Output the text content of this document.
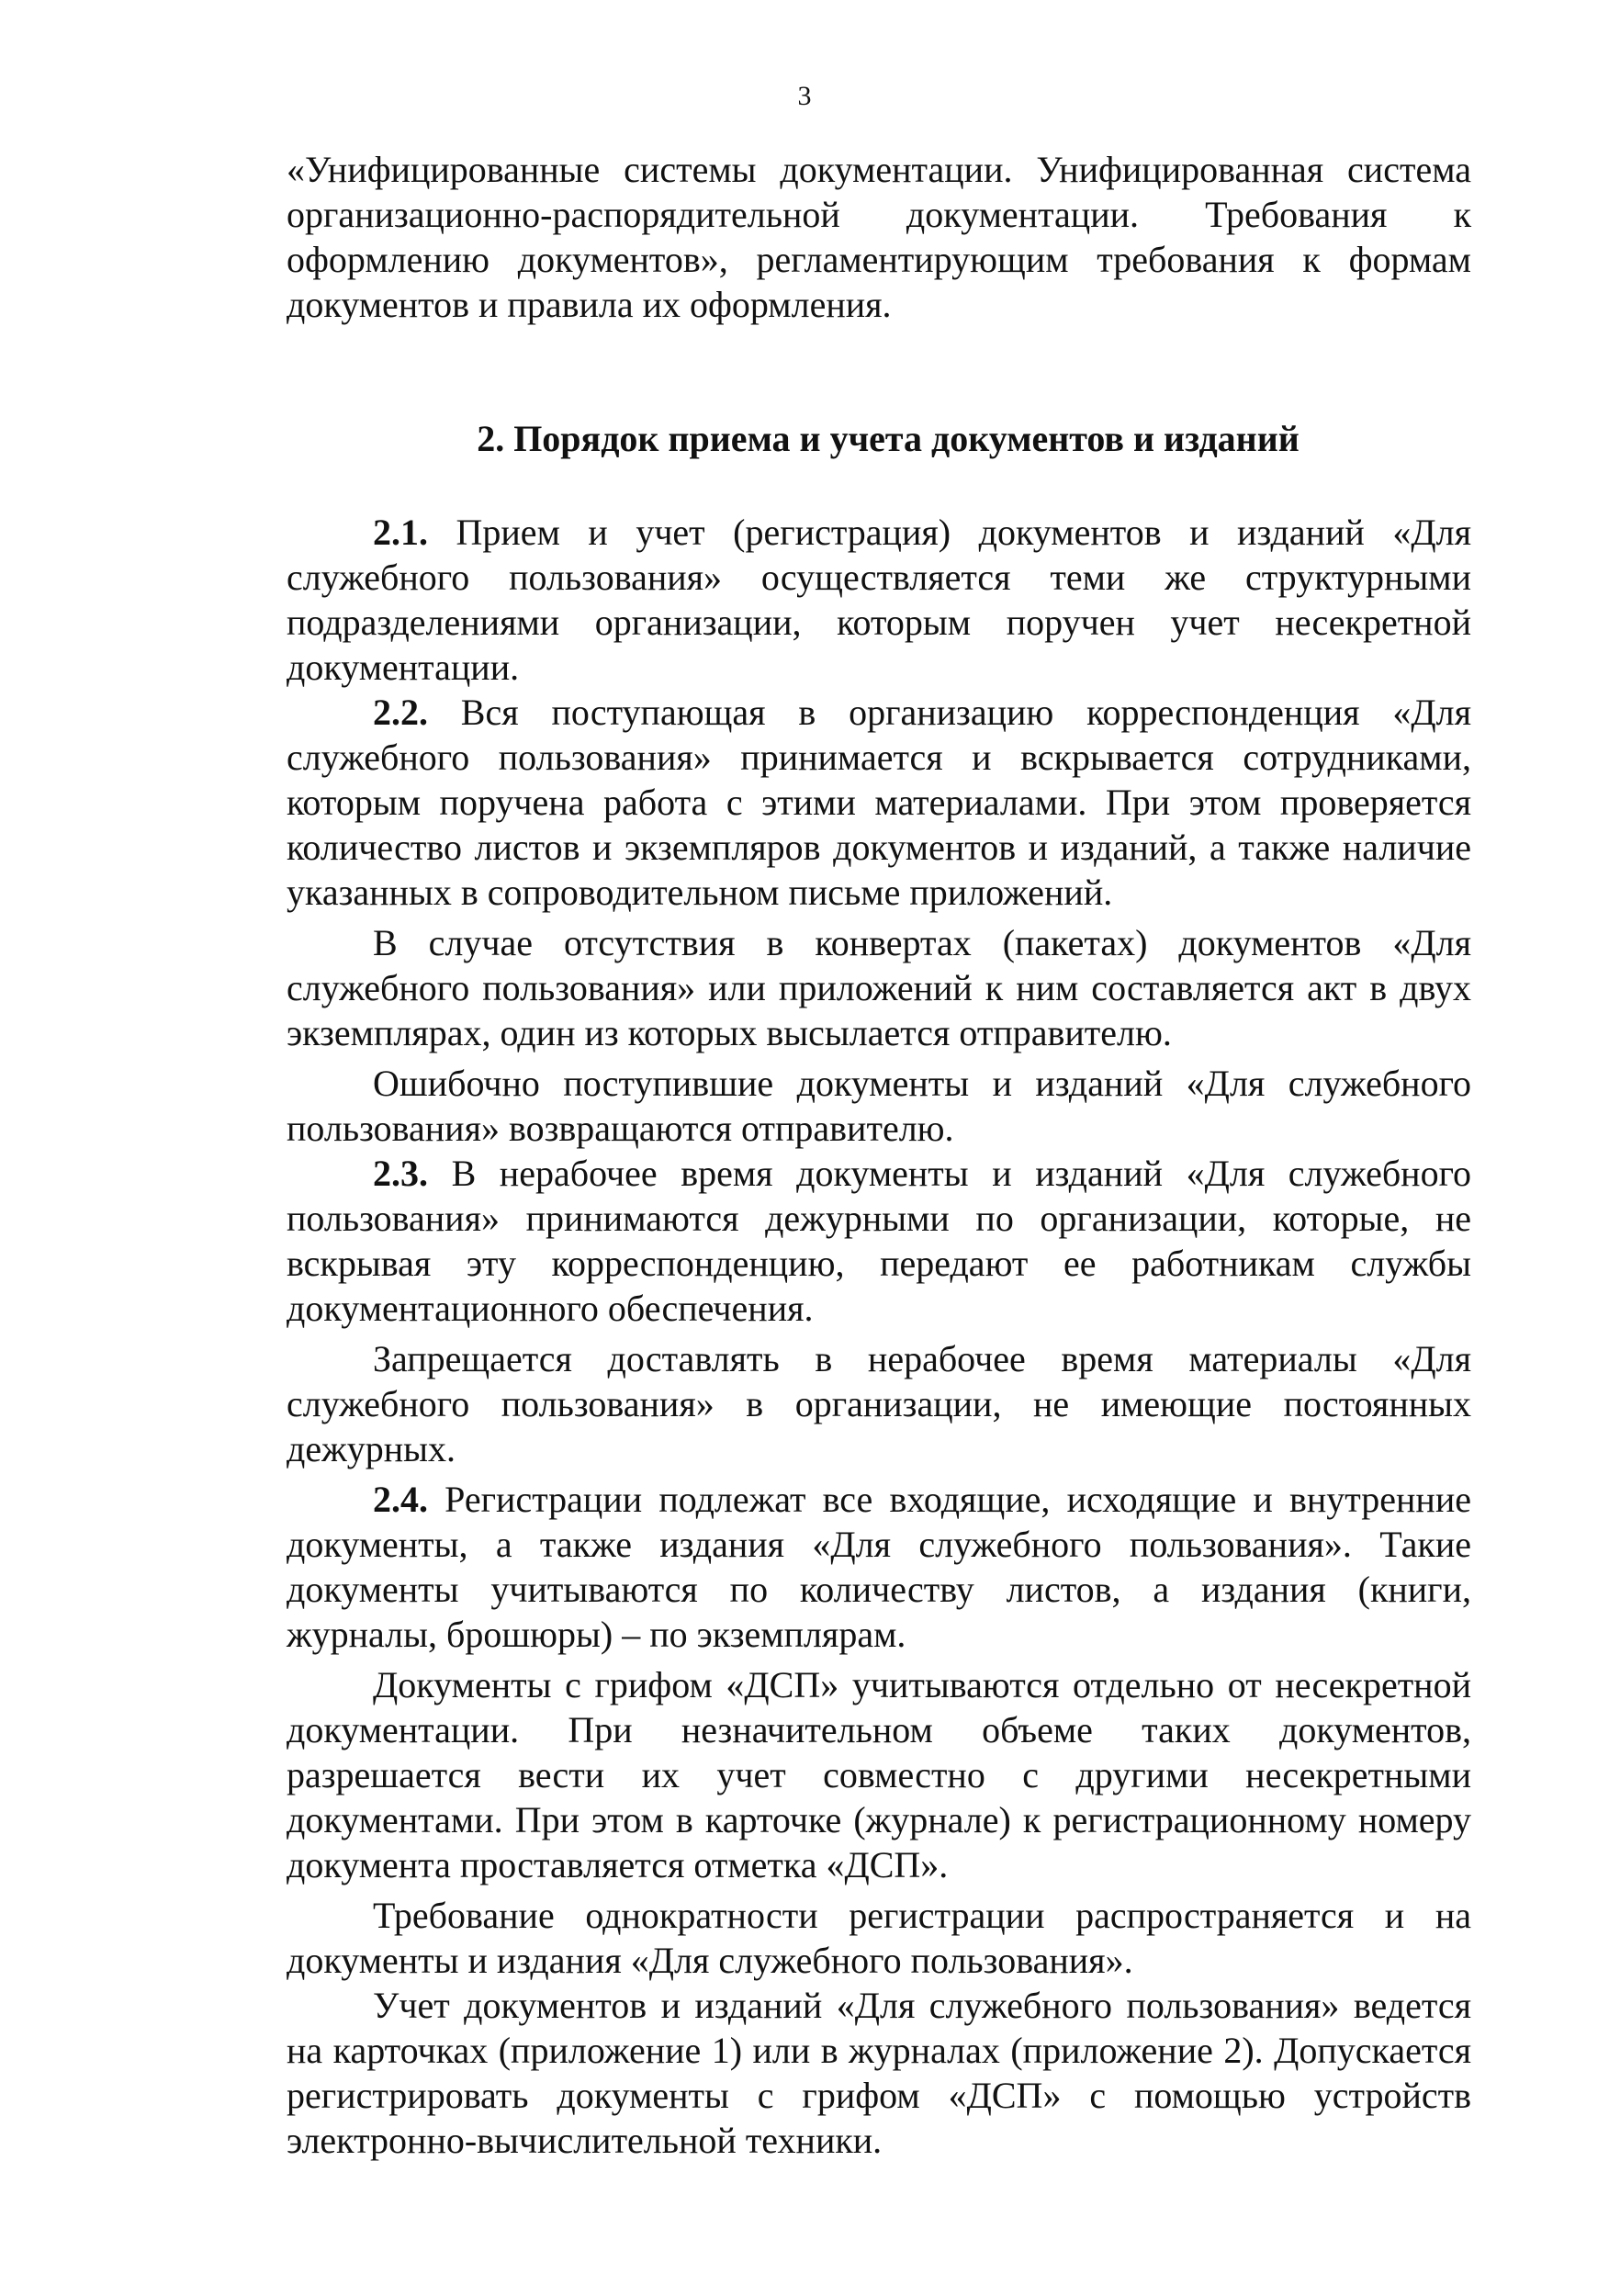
3

«Унифицированные системы документации. Унифицированная система организационно-распорядительной документации. Требования к оформлению документов», регламентирующим требования к формам документов и правила их оформления.

2. Порядок приема и учета документов и изданий

2.1. Прием и учет (регистрация) документов и изданий «Для служебного пользования» осуществляется теми же структурными подразделениями организации, которым поручен учет несекретной документации.

2.2. Вся поступающая в организацию корреспонденция «Для служебного пользования» принимается и вскрывается сотрудниками, которым поручена работа с этими материалами. При этом проверяется количество листов и экземпляров документов и изданий, а также наличие указанных в сопроводительном письме приложений.

В случае отсутствия в конвертах (пакетах) документов «Для служебного пользования» или приложений к ним составляется акт в двух экземплярах, один из которых высылается отправителю.

Ошибочно поступившие документы и изданий «Для служебного пользования» возвращаются отправителю.

2.3. В нерабочее время документы и изданий «Для служебного пользования» принимаются дежурными по организации, которые, не вскрывая эту корреспонденцию, передают ее работникам службы документационного обеспечения.

Запрещается доставлять в нерабочее время материалы «Для служебного пользования» в организации, не имеющие постоянных дежурных.

2.4. Регистрации подлежат все входящие, исходящие и внутренние документы, а также издания «Для служебного пользования». Такие документы учитываются по количеству листов, а издания (книги, журналы, брошюры) – по экземплярам.

Документы с грифом «ДСП» учитываются отдельно от несекретной документации. При незначительном объеме таких документов, разрешается вести их учет совместно с другими несекретными документами. При этом в карточке (журнале) к регистрационному номеру документа проставляется отметка «ДСП».

Требование однократности регистрации распространяется и на документы и издания «Для служебного пользования».

Учет документов и изданий «Для служебного пользования» ведется на карточках (приложение 1) или в журналах (приложение 2). Допускается регистрировать документы с грифом «ДСП» с помощью устройств электронно-вычислительной техники.
